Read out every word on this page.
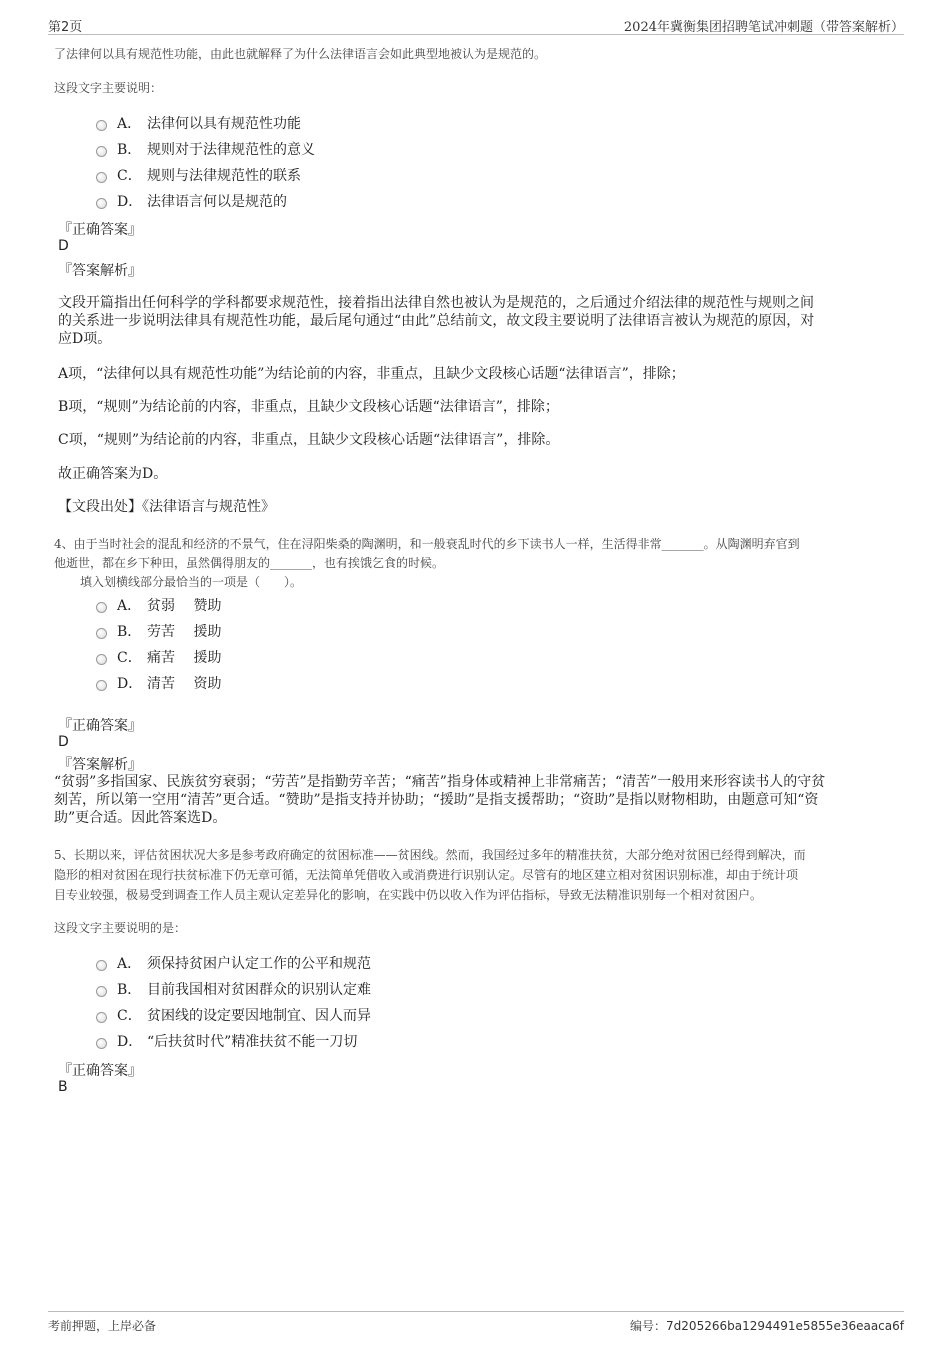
第2页	2024年冀衡集团招聘笔试冲刺题（带答案解析）
了法律何以具有规范性功能，由此也就解释了为什么法律语言会如此典型地被认为是规范的。
这段文字主要说明：
A． 法律何以具有规范性功能
B． 规则对于法律规范性的意义
C． 规则与法律规范性的联系
D． 法律语言何以是规范的
『正确答案』
D
『答案解析』
文段开篇指出任何科学的学科都要求规范性，接着指出法律自然也被认为是规范的，之后通过介绍法律的规范性与规则之间
的关系进一步说明法律具有规范性功能，最后尾句通过“由此”总结前文，故文段主要说明了法律语言被认为规范的原因，对
应D项。
A项，“法律何以具有规范性功能”为结论前的内容，非重点，且缺少文段核心话题“法律语言”，排除；
B项，“规则”为结论前的内容，非重点，且缺少文段核心话题“法律语言”，排除；
C项，“规则”为结论前的内容，非重点，且缺少文段核心话题“法律语言”，排除。
故正确答案为D。
【文段出处】《法律语言与规范性》
4、由于当时社会的混乱和经济的不景气，住在浔阳柴桑的陶渊明，和一般衰乱时代的乡下读书人一样，生活得非常_______。从陶渊明弃官到
他逝世，都在乡下种田，虽然偶得朋友的_______，也有挨饿乞食的时候。
填入划横线部分最恰当的一项是（　　）。
A． 贫弱　 赞助
B． 劳苦　 援助
C． 痛苦　 援助
D． 清苦　 资助
『正确答案』
D
『答案解析』
“贫弱”多指国家、民族贫穷衰弱；“劳苦”是指勤劳辛苦；“痛苦”指身体或精神上非常痛苦；“清苦”一般用来形容读书人的守贫
刻苦，所以第一空用“清苦”更合适。“赞助”是指支持并协助；“援助”是指支援帮助；“资助”是指以财物相助，由题意可知“资
助”更合适。因此答案选D。
5、长期以来，评估贫困状况大多是参考政府确定的贫困标准——贫困线。然而，我国经过多年的精准扶贫，大部分绝对贫困已经得到解决，而
隐形的相对贫困在现行扶贫标准下仍无章可循，无法简单凭借收入或消费进行识别认定。尽管有的地区建立相对贫困识别标准，却由于统计项
目专业较强，极易受到调查工作人员主观认定差异化的影响，在实践中仍以收入作为评估指标，导致无法精准识别每一个相对贫困户。
这段文字主要说明的是：
A． 须保持贫困户认定工作的公平和规范
B． 目前我国相对贫困群众的识别认定难
C． 贫困线的设定要因地制宜、因人而异
D． “后扶贫时代”精准扶贫不能一刀切
『正确答案』
B
考前押题，上岸必备	编号：7d205266ba1294491e5855e36eaaca6f
